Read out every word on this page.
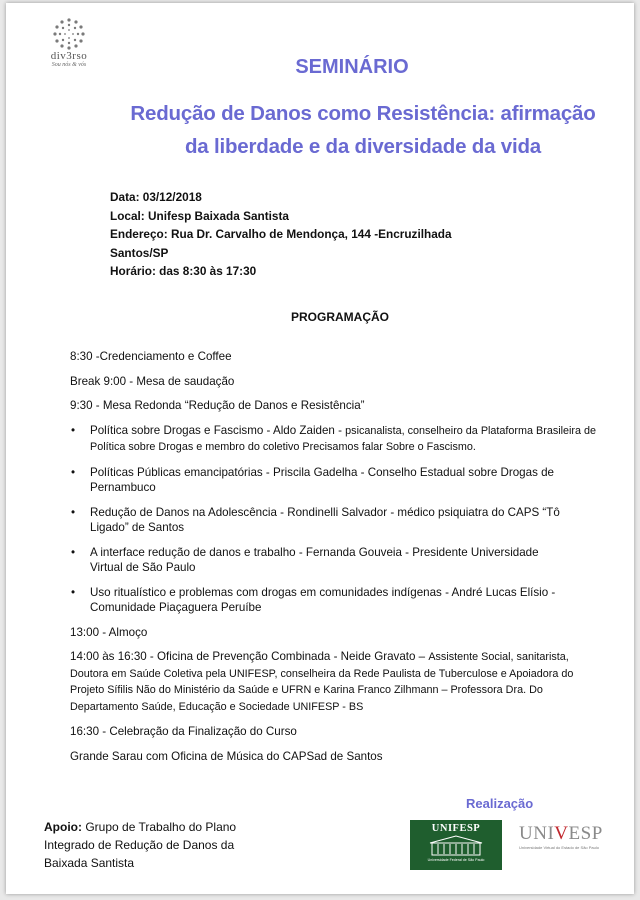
div3rso
Sou nós & vós	SEMINÁRIO
Redução de Danos como Resistência: afirmação
da liberdade e da diversidade da vida
Data: 03/12/2018
Local: Unifesp Baixada Santista
Endereço: Rua Dr. Carvalho de Mendonça, 144 -Encruzilhada
Santos/SP
Horário: das 8:30 às 17:30
PROGRAMAÇÃO
8:30 -Credenciamento e Coffee
Break 9:00 - Mesa de saudação
9:30 - Mesa Redonda “Redução de Danos e Resistência”
• Política sobre Drogas e Fascismo - Aldo Zaiden - psicanalista, conselheiro da Plataforma Brasileira de
Política sobre Drogas e membro do coletivo Precisamos falar Sobre o Fascismo.
• Políticas Públicas emancipatórias - Priscila Gadelha - Conselho Estadual sobre Drogas de
Pernambuco
• Redução de Danos na Adolescência - Rondinelli Salvador - médico psiquiatra do CAPS “Tô
Ligado” de Santos
• A interface redução de danos e trabalho - Fernanda Gouveia - Presidente Universidade
Virtual de São Paulo
• Uso ritualístico e problemas com drogas em comunidades indígenas - André Lucas Elísio -
Comunidade Piaçaguera Peruíbe
13:00 - Almoço
14:00 às 16:30 - Oficina de Prevenção Combinada - Neide Gravato – Assistente Social, sanitarista,
Doutora em Saúde Coletiva pela UNIFESP, conselheira da Rede Paulista de Tuberculose e Apoiadora do
Projeto Sífilis Não do Ministério da Saúde e UFRN e Karina Franco Zilhmann – Professora Dra. Do
Departamento Saúde, Educação e Sociedade UNIFESP - BS
16:30 - Celebração da Finalização do Curso
Grande Sarau com Oficina de Música do CAPSad de Santos
Realização
Apoio: Grupo de Trabalho do Plano
Integrado de Redução de Danos da
Baixada Santista
UNIFESP
Universidade Federal de São Paulo
UNIVESP
Universidade Virtual do Estado de São Paulo
